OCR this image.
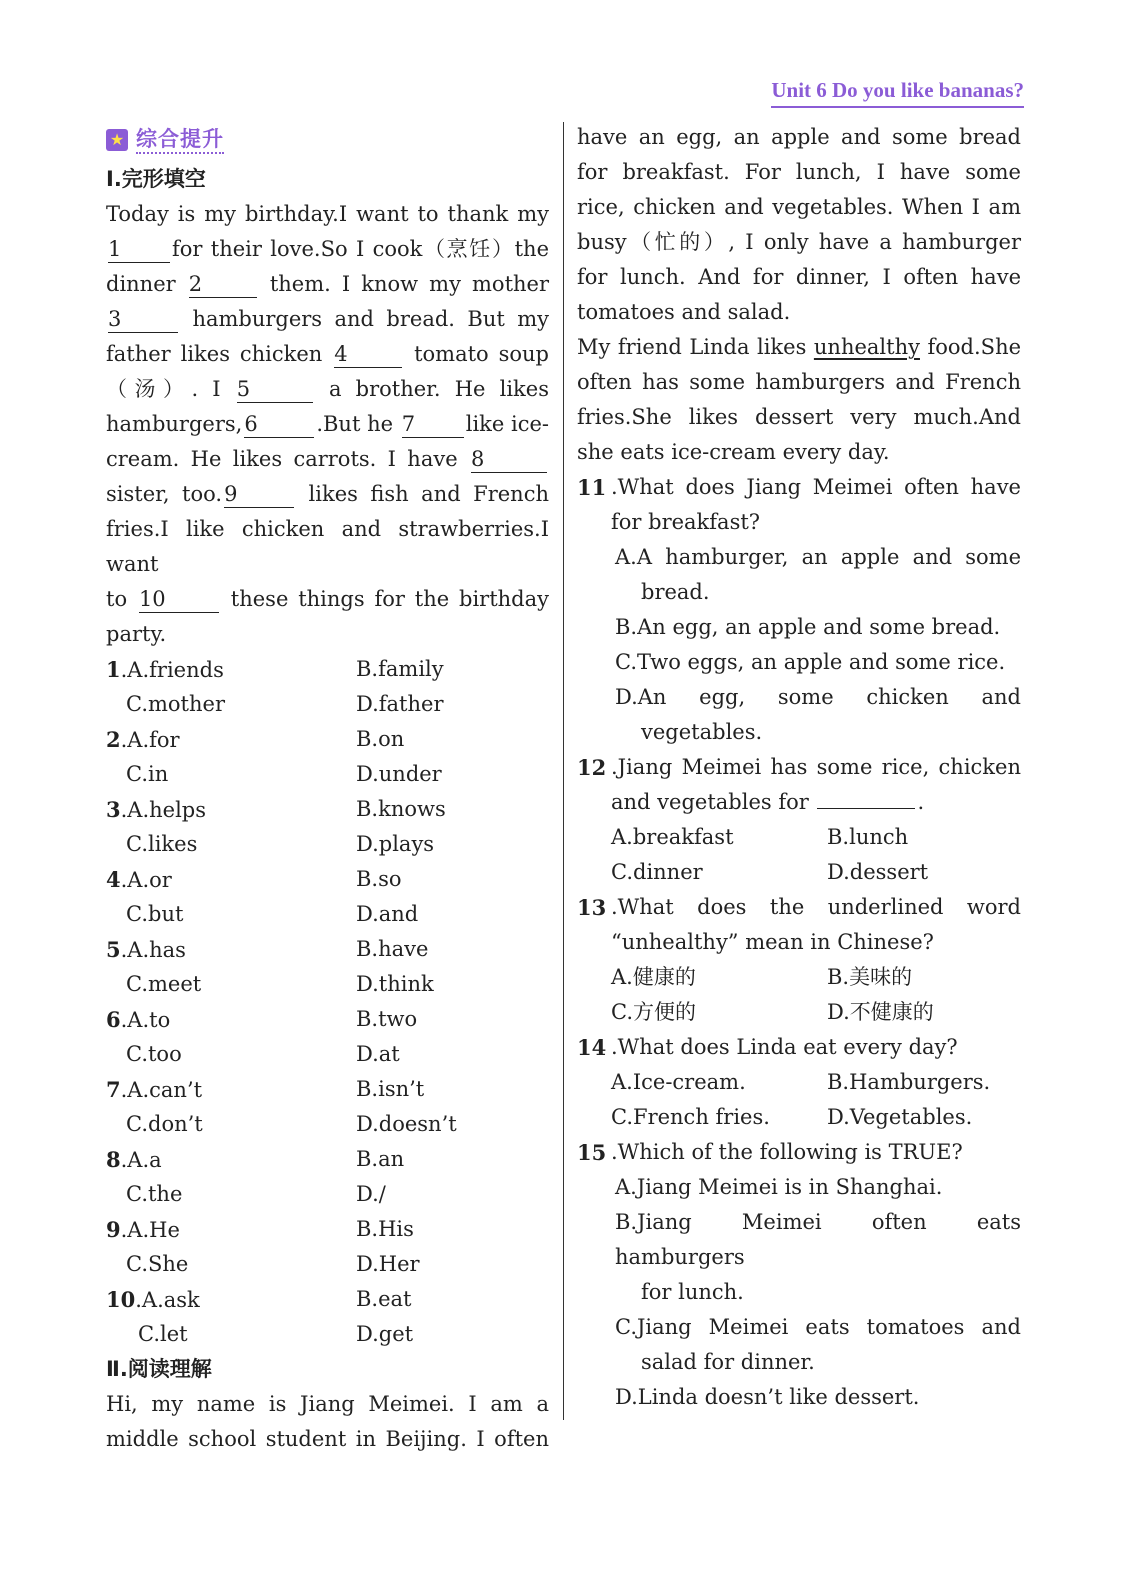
Unit 6 Do you like bananas?
★ 综合提升
Ⅰ.完形填空
Today is my birthday.I want to thank my
1 for their love.So I cook（烹饪）the
dinner 2	them. I know my mother
3	hamburgers and bread. But my
father likes chicken 4	tomato soup
（汤）. I 5	a brother. He likes
hamburgers,6	.But he 7 like ice-
cream. He likes carrots. I have 8
sister, too.9	likes fish and French
fries.I like chicken and strawberries.I want
to 10	these things for the birthday
party.
1.A.friends	B.family
C.mother	D.father
2.A.for	B.on
C.in	D.under
3.A.helps	B.knows
C.likes	D.plays
4.A.or	B.so
C.but	D.and
5.A.has	B.have
C.meet	D.think
6.A.to	B.two
C.too	D.at
7.A.can’t	B.isn’t
C.don’t	D.doesn’t
8.A.a	B.an
C.the	D./
9.A.He	B.His
C.She	D.Her
10.A.ask	B.eat
C.let	D.get
Ⅱ.阅读理解
Hi, my name is Jiang Meimei. I am a middle school student in Beijing. I often
have an egg, an apple and some bread for breakfast. For lunch, I have some rice, chicken and vegetables. When I am busy（忙的）, I only have a hamburger for lunch. And for dinner, I often have tomatoes and salad.
My friend Linda likes unhealthy food.She often has some hamburgers and French fries.She likes dessert very much.And she eats ice-cream every day.
11 .What does Jiang Meimei often have for breakfast?
A.A hamburger, an apple and some
bread.
B.An egg, an apple and some bread.
C.Two eggs, an apple and some rice.
D.An egg, some chicken and
vegetables.
12 .Jiang Meimei has some rice, chicken
and vegetables for	.
A.breakfast	B.lunch
C.dinner	D.dessert
13 .What does the underlined word
“unhealthy” mean in Chinese?
A.健康的	B.美味的
C.方便的	D.不健康的
14 .What does Linda eat every day?
A.Ice-cream.	B.Hamburgers.
C.French fries.	D.Vegetables.
15 .Which of the following is TRUE?
A.Jiang Meimei is in Shanghai.
B.Jiang Meimei often eats hamburgers
for lunch.
C.Jiang Meimei eats tomatoes and
salad for dinner.
D.Linda doesn’t like dessert.
